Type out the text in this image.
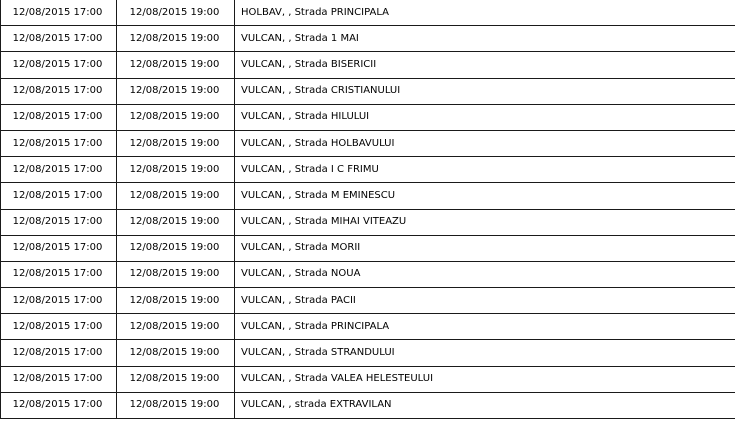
12/08/2015 17:00	12/08/2015 19:00	HOLBAV, , Strada PRINCIPALA
12/08/2015 17:00	12/08/2015 19:00	VULCAN, , Strada 1 MAI
12/08/2015 17:00	12/08/2015 19:00	VULCAN, , Strada BISERICII
12/08/2015 17:00	12/08/2015 19:00	VULCAN, , Strada CRISTIANULUI
12/08/2015 17:00	12/08/2015 19:00	VULCAN, , Strada HILULUI
12/08/2015 17:00	12/08/2015 19:00	VULCAN, , Strada HOLBAVULUI
12/08/2015 17:00	12/08/2015 19:00	VULCAN, , Strada I C FRIMU
12/08/2015 17:00	12/08/2015 19:00	VULCAN, , Strada M EMINESCU
12/08/2015 17:00	12/08/2015 19:00	VULCAN, , Strada MIHAI VITEAZU
12/08/2015 17:00	12/08/2015 19:00	VULCAN, , Strada MORII
12/08/2015 17:00	12/08/2015 19:00	VULCAN, , Strada NOUA
12/08/2015 17:00	12/08/2015 19:00	VULCAN, , Strada PACII
12/08/2015 17:00	12/08/2015 19:00	VULCAN, , Strada PRINCIPALA
12/08/2015 17:00	12/08/2015 19:00	VULCAN, , Strada STRANDULUI
12/08/2015 17:00	12/08/2015 19:00	VULCAN, , Strada VALEA HELESTEULUI
12/08/2015 17:00	12/08/2015 19:00	VULCAN, , strada EXTRAVILAN
